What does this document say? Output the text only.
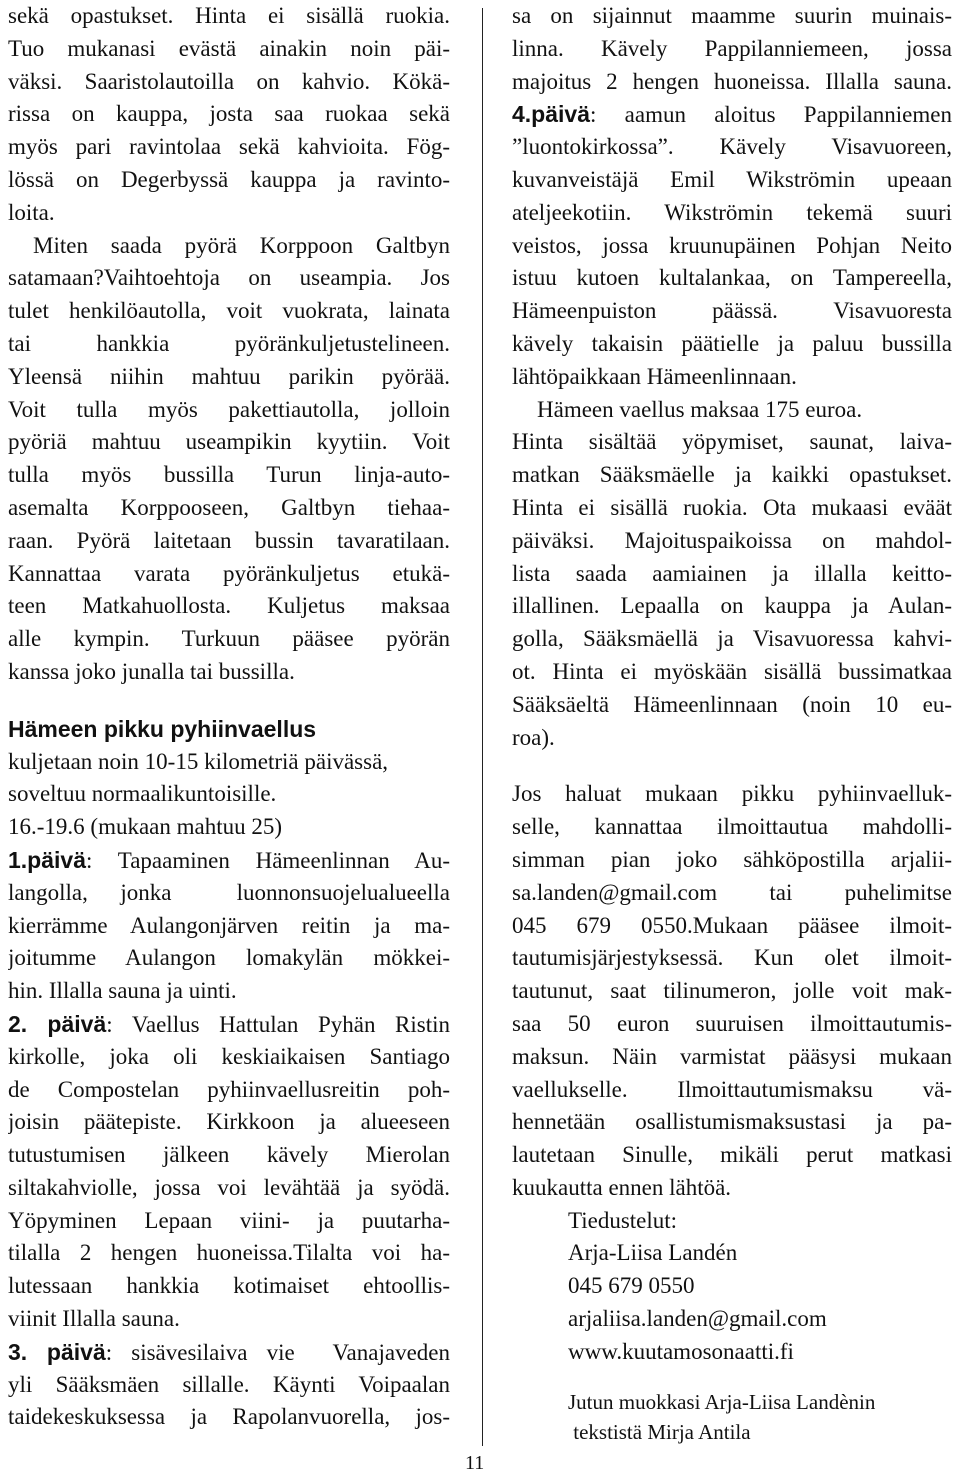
sekä opastukset. Hinta ei sisällä ruokia.
Tuo mukanasi evästä ainakin noin päi-
väksi. Saaristolautoilla on kahvio. Kökä-
rissa on kauppa, josta saa ruokaa sekä
myös pari ravintolaa sekä kahvioita. Fög-
lössä on Degerbyssä kauppa ja ravinto-
loita.
Miten saada pyörä Korppoon Galtbyn
satamaan?Vaihtoehtoja on useampia. Jos
tulet henkilöautolla, voit vuokrata, lainata
tai hankkia pyöränkuljetustelineen.
Yleensä niihin mahtuu parikin pyörää.
Voit tulla myös pakettiautolla, jolloin
pyöriä mahtuu useampikin kyytiin. Voit
tulla myös bussilla Turun linja-auto-
asemalta Korppooseen, Galtbyn tiehaa-
raan. Pyörä laitetaan bussin tavaratilaan.
Kannattaa varata pyöränkuljetus etukä-
teen Matkahuollosta. Kuljetus maksaa
alle kympin. Turkuun pääsee pyörän
kanssa joko junalla tai bussilla.
Hämeen pikku pyhiinvaellus
kuljetaan noin 10-15 kilometriä päivässä,
soveltuu normaalikuntoisille.
16.-19.6 (mukaan mahtuu 25)
1.päivä: Tapaaminen Hämeenlinnan Au-
langolla, jonka  luonnonsuojelualueella
kierrämme Aulangonjärven reitin ja ma-
joitumme Aulangon lomakylän mökkei-
hin. Illalla sauna ja uinti.
2. päivä: Vaellus Hattulan Pyhän Ristin
kirkolle, joka oli keskiaikaisen Santiago
de Compostelan pyhiinvaellusreitin poh-
joisin päätepiste. Kirkkoon ja alueeseen
tutustumisen jälkeen kävely Mierolan
siltakahviolle, jossa voi levähtää ja syödä.
Yöpyminen Lepaan viini- ja puutarha-
tilalla 2 hengen huoneissa.Tilalta voi ha-
lutessaan hankkia kotimaiset ehtoollis-
viinit Illalla sauna.
3. päivä: sisävesilaiva vie  Vanajaveden
yli Sääksmäen sillalle. Käynti Voipaalan
taidekeskuksessa ja Rapolanvuorella, jos-
sa on sijainnut maamme suurin muinais-
linna. Kävely Pappilanniemeen, jossa
majoitus 2 hengen huoneissa. Illalla sauna.
4.päivä: aamun aloitus Pappilanniemen
”luontokirkossa”. Kävely Visavuoreen,
kuvanveistäjä Emil Wikströmin upeaan
ateljeekotiin. Wikströmin tekemä suuri
veistos, jossa kruunupäinen Pohjan Neito
istuu kutoen kultalankaa, on Tampereella,
Hämeenpuiston päässä. Visavuoresta
kävely takaisin päätielle ja paluu bussilla
lähtöpaikkaan Hämeenlinnaan.
Hämeen vaellus maksaa 175 euroa.
Hinta sisältää yöpymiset, saunat, laiva-
matkan Sääksmäelle ja kaikki opastukset.
Hinta ei sisällä ruokia. Ota mukaasi eväät
päiväksi. Majoituspaikoissa on mahdol-
lista saada aamiainen ja illalla keitto-
illallinen. Lepaalla on kauppa ja Aulan-
golla, Sääksmäellä ja Visavuoressa kahvi-
ot. Hinta ei myöskään sisällä bussimatkaa
Sääksäeltä Hämeenlinnaan (noin 10 eu-
roa).
Jos haluat mukaan pikku pyhiinvaelluk-
selle, kannattaa ilmoittautua mahdolli-
simman pian joko sähköpostilla arjalii-
sa.landen@gmail.com tai puhelimitse
045 679 0550.Mukaan pääsee ilmoit-
tautumisjärjestyksessä. Kun olet ilmoit-
tautunut, saat tilinumeron, jolle voit mak-
saa 50 euron suuruisen ilmoittautumis-
maksun. Näin varmistat pääsysi mukaan
vaellukselle. Ilmoittautumismaksu vä-
hennetään osallistumismaksustasi ja pa-
lautetaan Sinulle, mikäli perut matkasi
kuukautta ennen lähtöä.
Tiedustelut:
Arja-Liisa Landén
045 679 0550
arjaliisa.landen@gmail.com
www.kuutamosonaatti.fi
Jutun muokkasi Arja-Liisa Landènin
tekstistä Mirja Antila
11
